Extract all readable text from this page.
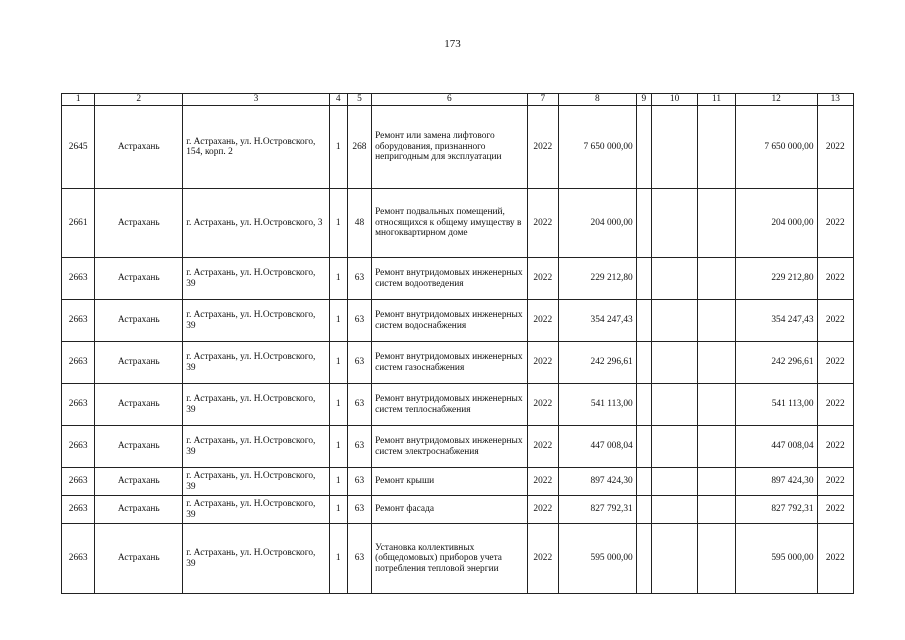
173
1	2	3	4	5	6	7	8	9	10	11	12	13
2645	Астрахань	г. Астрахань, ул. Н.Островского, 154, корп. 2	1	268	Ремонт или замена лифтового оборудования, признанного непригодным для эксплуатации	2022	7 650 000,00				7 650 000,00	2022
2661	Астрахань	г. Астрахань, ул. Н.Островского, 3	1	48	Ремонт подвальных помещений, относящихся к общему имуществу в многоквартирном доме	2022	204 000,00				204 000,00	2022
2663	Астрахань	г. Астрахань, ул. Н.Островского, 39	1	63	Ремонт внутридомовых инженерных систем водоотведения	2022	229 212,80				229 212,80	2022
2663	Астрахань	г. Астрахань, ул. Н.Островского, 39	1	63	Ремонт внутридомовых инженерных систем водоснабжения	2022	354 247,43				354 247,43	2022
2663	Астрахань	г. Астрахань, ул. Н.Островского, 39	1	63	Ремонт внутридомовых инженерных систем газоснабжения	2022	242 296,61				242 296,61	2022
2663	Астрахань	г. Астрахань, ул. Н.Островского, 39	1	63	Ремонт внутридомовых инженерных систем теплоснабжения	2022	541 113,00				541 113,00	2022
2663	Астрахань	г. Астрахань, ул. Н.Островского, 39	1	63	Ремонт внутридомовых инженерных систем электроснабжения	2022	447 008,04				447 008,04	2022
2663	Астрахань	г. Астрахань, ул. Н.Островского, 39	1	63	Ремонт крыши	2022	897 424,30				897 424,30	2022
2663	Астрахань	г. Астрахань, ул. Н.Островского, 39	1	63	Ремонт фасада	2022	827 792,31				827 792,31	2022
2663	Астрахань	г. Астрахань, ул. Н.Островского, 39	1	63	Установка коллективных (общедомовых) приборов учета потребления тепловой энергии	2022	595 000,00				595 000,00	2022
